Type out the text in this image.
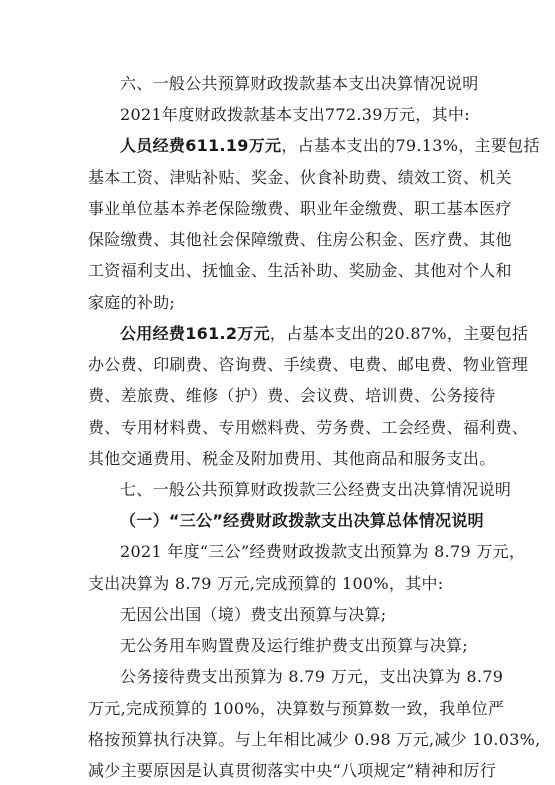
六、一般公共预算财政拨款基本支出决算情况说明
2021年度财政拨款基本支出772.39万元，其中:
人员经费611.19万元，占基本支出的79.13%，主要包括
基本工资、津贴补贴、奖金、伙食补助费、绩效工资、机关
事业单位基本养老保险缴费、职业年金缴费、职工基本医疗
保险缴费、其他社会保障缴费、住房公积金、医疗费、其他
工资福利支出、抚恤金、生活补助、奖励金、其他对个人和
家庭的补助;
公用经费161.2万元，占基本支出的20.87%，主要包括
办公费、印刷费、咨询费、手续费、电费、邮电费、物业管理
费、差旅费、维修（护）费、会议费、培训费、公务接待
费、专用材料费、专用燃料费、劳务费、工会经费、福利费、
其他交通费用、税金及附加费用、其他商品和服务支出。
七、一般公共预算财政拨款三公经费支出决算情况说明
（一）“三公”经费财政拨款支出决算总体情况说明
2021 年度“三公”经费财政拨款支出预算为 8.79 万元，
支出决算为 8.79 万元,完成预算的 100%，其中:
无因公出国（境）费支出预算与决算;
无公务用车购置费及运行维护费支出预算与决算;
公务接待费支出预算为 8.79 万元，支出决算为 8.79
万元,完成预算的 100%，决算数与预算数一致，我单位严
格按预算执行决算。与上年相比减少 0.98 万元,减少 10.03%,
减少主要原因是认真贯彻落实中央“八项规定”精神和厉行
